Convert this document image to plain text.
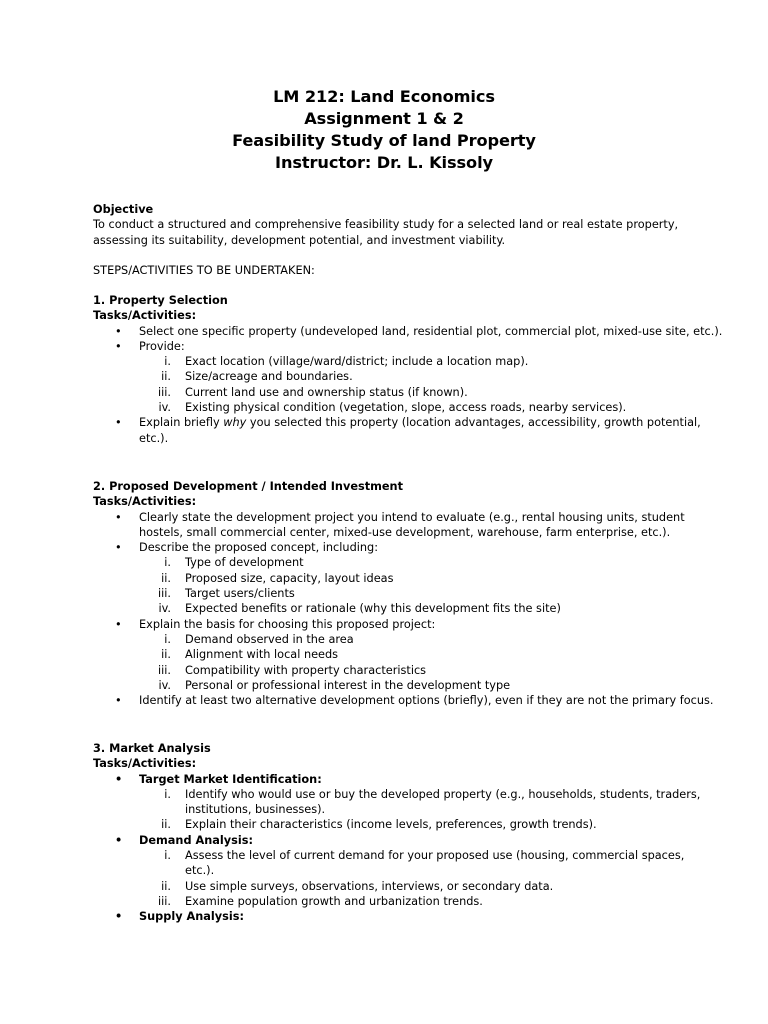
LM 212: Land Economics
Assignment 1 & 2
Feasibility Study of land Property
Instructor: Dr. L. Kissoly
Objective
To conduct a structured and comprehensive feasibility study for a selected land or real estate property,
assessing its suitability, development potential, and investment viability.
STEPS/ACTIVITIES TO BE UNDERTAKEN:
1. Property Selection
Tasks/Activities:
• Select one specific property (undeveloped land, residential plot, commercial plot, mixed-use site, etc.).
• Provide:
i. Exact location (village/ward/district; include a location map).
ii. Size/acreage and boundaries.
iii. Current land use and ownership status (if known).
iv. Existing physical condition (vegetation, slope, access roads, nearby services).
• Explain briefly why you selected this property (location advantages, accessibility, growth potential,
etc.).
2. Proposed Development / Intended Investment
Tasks/Activities:
• Clearly state the development project you intend to evaluate (e.g., rental housing units, student
hostels, small commercial center, mixed-use development, warehouse, farm enterprise, etc.).
• Describe the proposed concept, including:
i. Type of development
ii. Proposed size, capacity, layout ideas
iii. Target users/clients
iv. Expected benefits or rationale (why this development fits the site)
• Explain the basis for choosing this proposed project:
i. Demand observed in the area
ii. Alignment with local needs
iii. Compatibility with property characteristics
iv. Personal or professional interest in the development type
• Identify at least two alternative development options (briefly), even if they are not the primary focus.
3. Market Analysis
Tasks/Activities:
• Target Market Identification:
i. Identify who would use or buy the developed property (e.g., households, students, traders,
institutions, businesses).
ii. Explain their characteristics (income levels, preferences, growth trends).
• Demand Analysis:
i. Assess the level of current demand for your proposed use (housing, commercial spaces,
etc.).
ii. Use simple surveys, observations, interviews, or secondary data.
iii. Examine population growth and urbanization trends.
• Supply Analysis:
